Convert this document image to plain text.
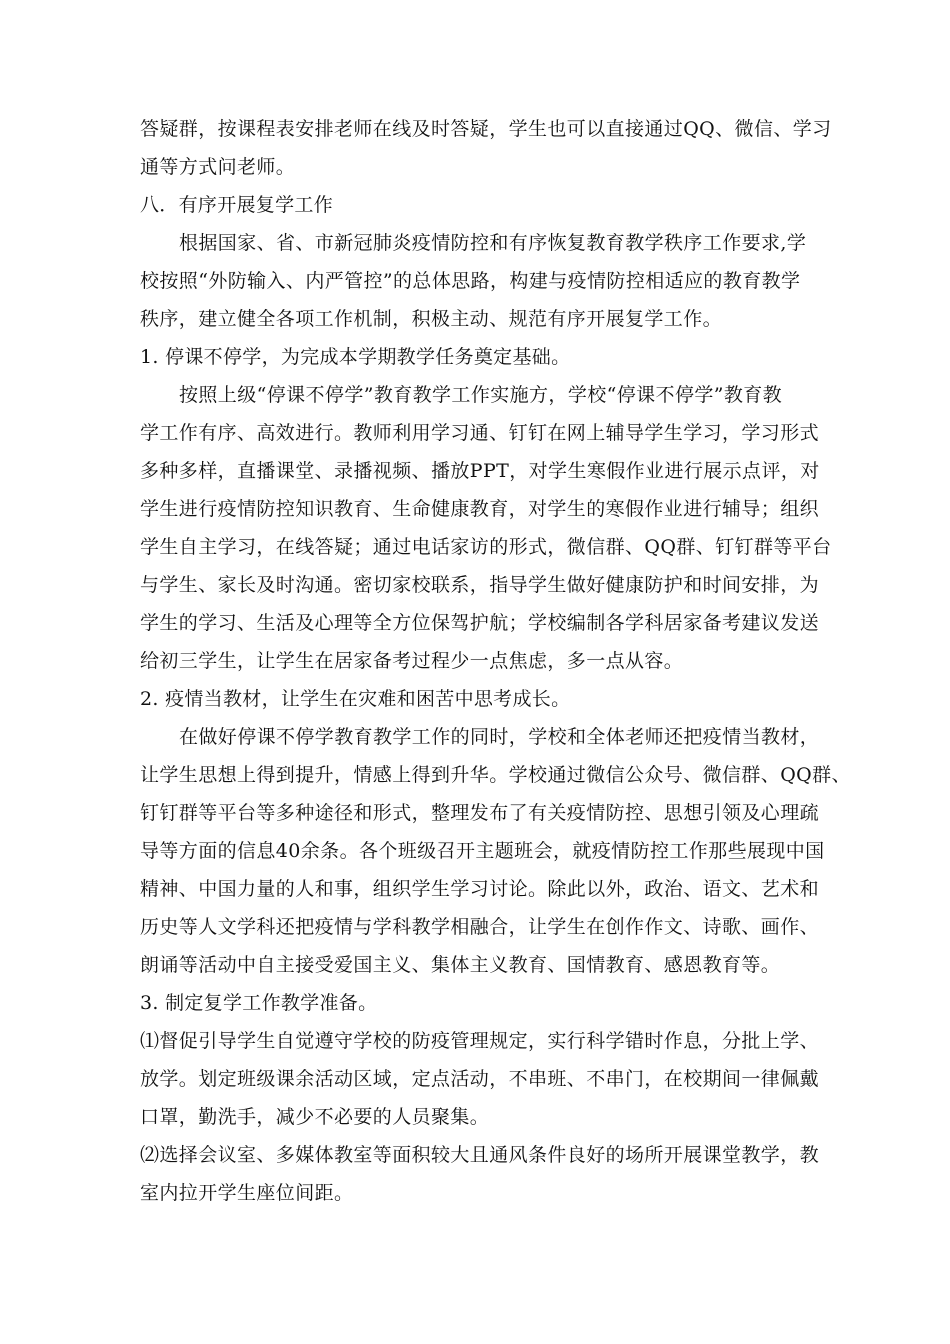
答疑群，按课程表安排老师在线及时答疑，学生也可以直接通过QQ、微信、学习
通等方式问老师。
八．有序开展复学工作
根据国家、省、市新冠肺炎疫情防控和有序恢复教育教学秩序工作要求,学
校按照“外防输入、内严管控”的总体思路，构建与疫情防控相适应的教育教学
秩序，建立健全各项工作机制，积极主动、规范有序开展复学工作。
1. 停课不停学，为完成本学期教学任务奠定基础。
按照上级“停课不停学”教育教学工作实施方，学校“停课不停学”教育教
学工作有序、高效进行。教师利用学习通、钉钉在网上辅导学生学习，学习形式
多种多样，直播课堂、录播视频、播放PPT，对学生寒假作业进行展示点评，对
学生进行疫情防控知识教育、生命健康教育，对学生的寒假作业进行辅导；组织
学生自主学习，在线答疑；通过电话家访的形式，微信群、QQ群、钉钉群等平台
与学生、家长及时沟通。密切家校联系，指导学生做好健康防护和时间安排，为
学生的学习、生活及心理等全方位保驾护航；学校编制各学科居家备考建议发送
给初三学生，让学生在居家备考过程少一点焦虑，多一点从容。
2. 疫情当教材，让学生在灾难和困苦中思考成长。
在做好停课不停学教育教学工作的同时，学校和全体老师还把疫情当教材，
让学生思想上得到提升，情感上得到升华。学校通过微信公众号、微信群、QQ群、
钉钉群等平台等多种途径和形式，整理发布了有关疫情防控、思想引领及心理疏
导等方面的信息40余条。各个班级召开主题班会，就疫情防控工作那些展现中国
精神、中国力量的人和事，组织学生学习讨论。除此以外，政治、语文、艺术和
历史等人文学科还把疫情与学科教学相融合，让学生在创作作文、诗歌、画作、
朗诵等活动中自主接受爱国主义、集体主义教育、国情教育、感恩教育等。
3. 制定复学工作教学准备。
⑴督促引导学生自觉遵守学校的防疫管理规定，实行科学错时作息，分批上学、
放学。划定班级课余活动区域，定点活动，不串班、不串门，在校期间一律佩戴
口罩，勤洗手，减少不必要的人员聚集。
⑵选择会议室、多媒体教室等面积较大且通风条件良好的场所开展课堂教学，教
室内拉开学生座位间距。
